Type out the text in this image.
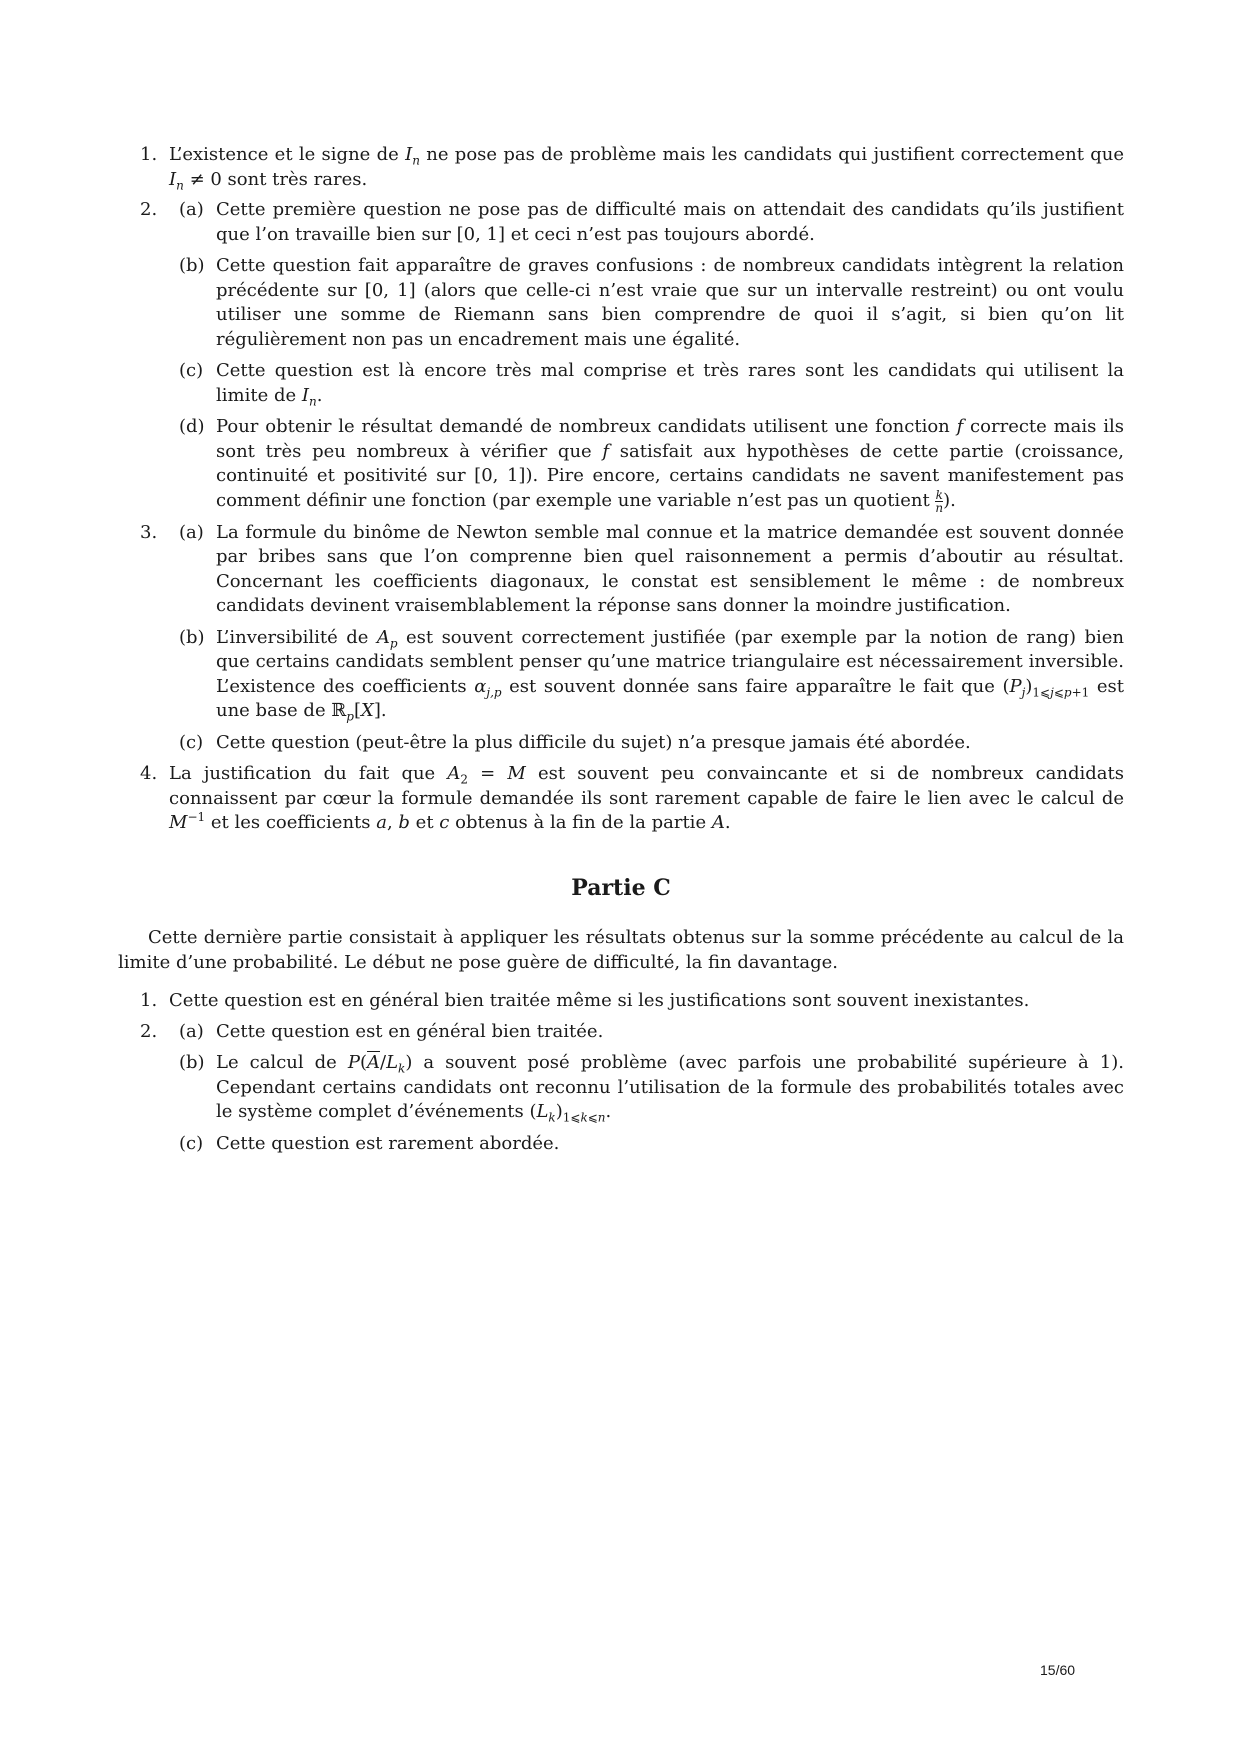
1. L’existence et le signe de $I_n$ ne pose pas de problème mais les candidats qui justifient correctement que $I_n \ne 0$ sont très rares.
2. (a) Cette première question ne pose pas de difficulté mais on attendait des candidats qu’ils justifient que l’on travaille bien sur [0, 1] et ceci n’est pas toujours abordé.
(b) Cette question fait apparaître de graves confusions : de nombreux candidats intègrent la relation précédente sur [0, 1] (alors que celle-ci n’est vraie que sur un intervalle restreint) ou ont voulu utiliser une somme de Riemann sans bien comprendre de quoi il s’agit, si bien qu’on lit régulièrement non pas un encadrement mais une égalité.
(c) Cette question est là encore très mal comprise et très rares sont les candidats qui utilisent la limite de $I_n$.
(d) Pour obtenir le résultat demandé de nombreux candidats utilisent une fonction f correcte mais ils sont très peu nombreux à vérifier que f satisfait aux hypothèses de cette partie (croissance, continuité et positivité sur [0, 1]). Pire encore, certains candidats ne savent manifestement pas comment définir une fonction (par exemple une variable n’est pas un quotient $\frac{k}{n}$ ).
3. (a) La formule du binôme de Newton semble mal connue et la matrice demandée est souvent donnée par bribes sans que l’on comprenne bien quel raisonnement a permis d’aboutir au résultat. Concernant les coefficients diagonaux, le constat est sensiblement le même : de nombreux candidats devinent vraisemblablement la réponse sans donner la moindre justification.
(b) L’inversibilité de $A_p$ est souvent correctement justifiée (par exemple par la notion de rang) bien que certains candidats semblent penser qu’une matrice triangulaire est nécessairement inversible. L’existence des coefficients $\alpha_{j,p}$ est souvent donnée sans faire apparaître le fait que $(P_j)_{1⩽j⩽p+1}$ est une base de ℝ$_p$[X].
(c) Cette question (peut-être la plus difficile du sujet) n’a presque jamais été abordée.
4. La justification du fait que $A_2 = M$ est souvent peu convaincante et si de nombreux candidats connaissent par cœur la formule demandée ils sont rarement capable de faire le lien avec le calcul de $M^{-1}$ et les coefficients a, b et c obtenus à la fin de la partie A.
Partie C

Cette dernière partie consistait à appliquer les résultats obtenus sur la somme précédente au calcul de la limite d’une probabilité. Le début ne pose guère de difficulté, la fin davantage.

1. Cette question est en général bien traitée même si les justifications sont souvent inexistantes.
2. (a) Cette question est en général bien traitée.
(b) Le calcul de $P(\overline{A}/L_k)$ a souvent posé problème (avec parfois une probabilité supérieure à 1). Cependant certains candidats ont reconnu l’utilisation de la formule des probabilités totales avec le système complet d’événements $(L_k)_{1⩽k⩽n}$.
(c) Cette question est rarement abordée.
15/60
